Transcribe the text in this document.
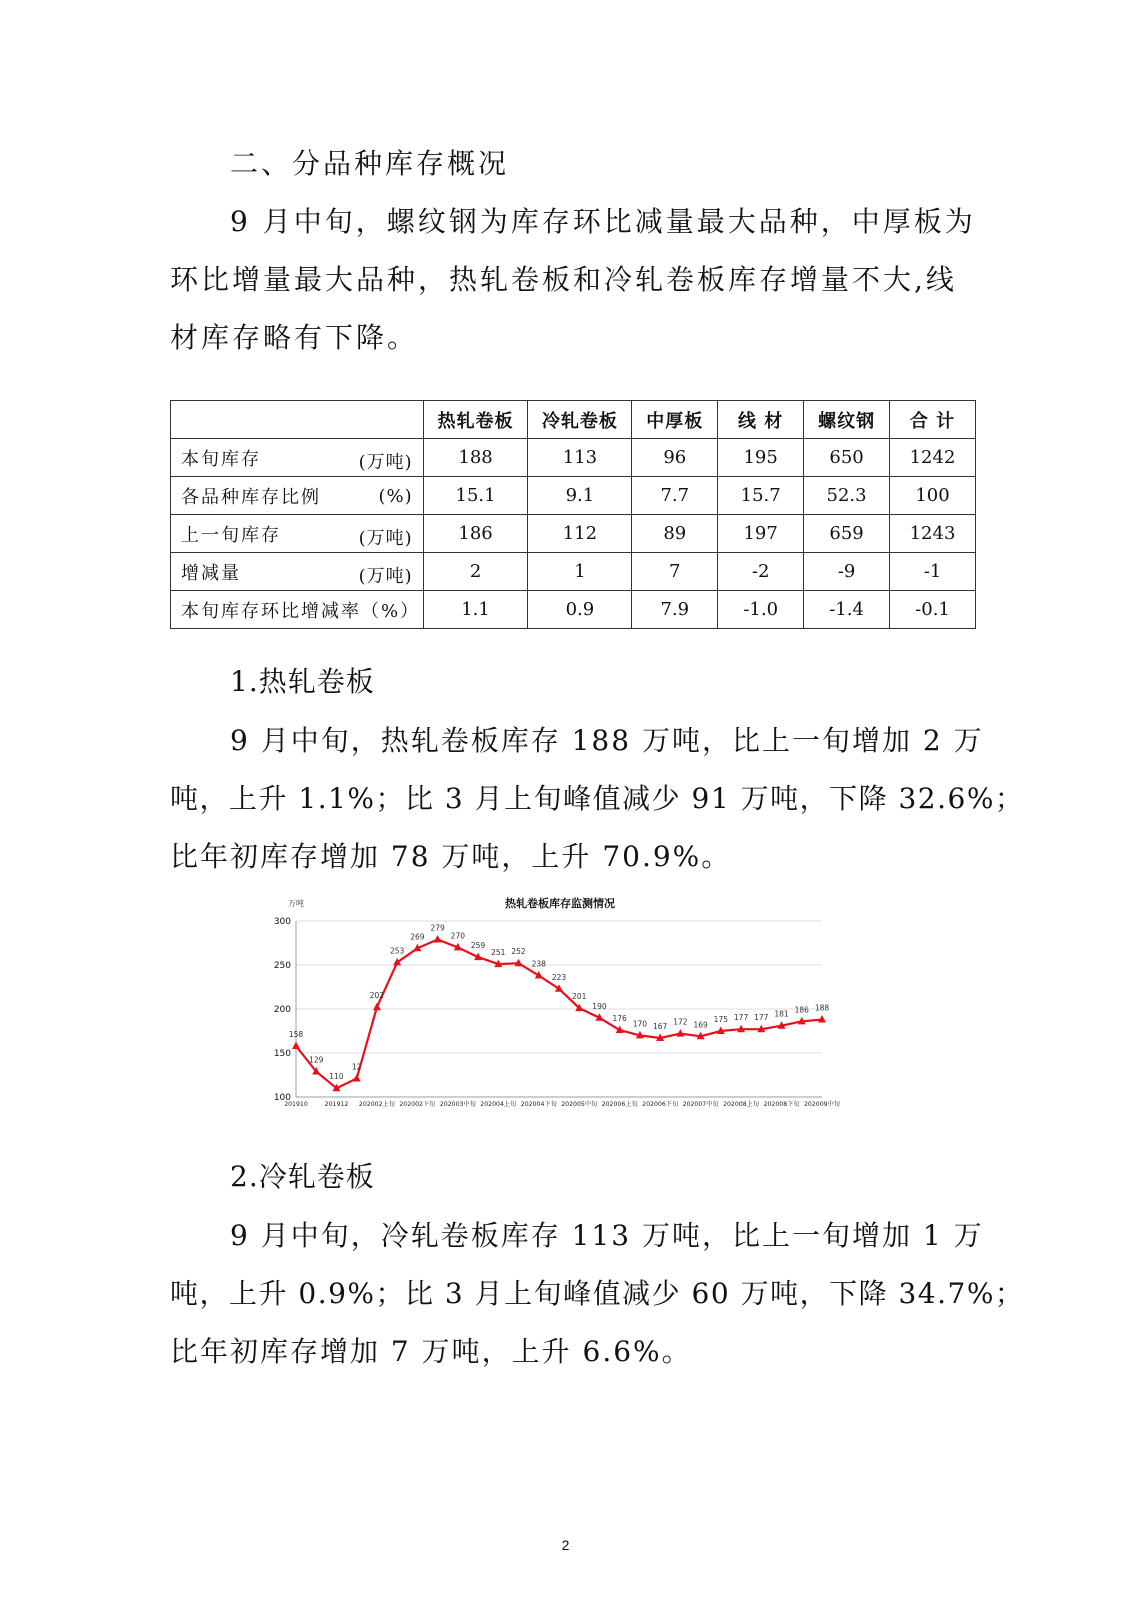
二、分品种库存概况
9 月中旬，螺纹钢为库存环比减量最大品种，中厚板为
环比增量最大品种，热轧卷板和冷轧卷板库存增量不大,线
材库存略有下降。
	热轧卷板	冷轧卷板	中厚板	线 材	螺纹钢	合 计
本旬库存 (万吨)	188	113	96	195	650	1242
各品种库存比例 (%)	15.1	9.1	7.7	15.7	52.3	100
上一旬库存 (万吨)	186	112	89	197	659	1243
增减量 (万吨)	2	1	7	-2	-9	-1
本旬库存环比增减率（%）	1.1	0.9	7.9	-1.0	-1.4	-0.1
1.热轧卷板
9 月中旬，热轧卷板库存 188 万吨，比上一旬增加 2 万
吨，上升 1.1%；比 3 月上旬峰值减少 91 万吨，下降 32.6%；
比年初库存增加 78 万吨，上升 70.9%。
热轧卷板库存监测情况
万吨
100
150
200
250
300
201910	201912 202002上旬 202002下旬 202003中旬 202004上旬 202004下旬 202005中旬 202006上旬 202006下旬 202007中旬 202008上旬 202008下旬 202009中旬
158
129
110
12
202
253
269
279
270
259
251 252
238
223
201
190
176
170 167 172 169
175 177 177 181 186 188
2.冷轧卷板
9 月中旬，冷轧卷板库存 113 万吨，比上一旬增加 1 万
吨，上升 0.9%；比 3 月上旬峰值减少 60 万吨，下降 34.7%；
比年初库存增加 7 万吨，上升 6.6%。
2
